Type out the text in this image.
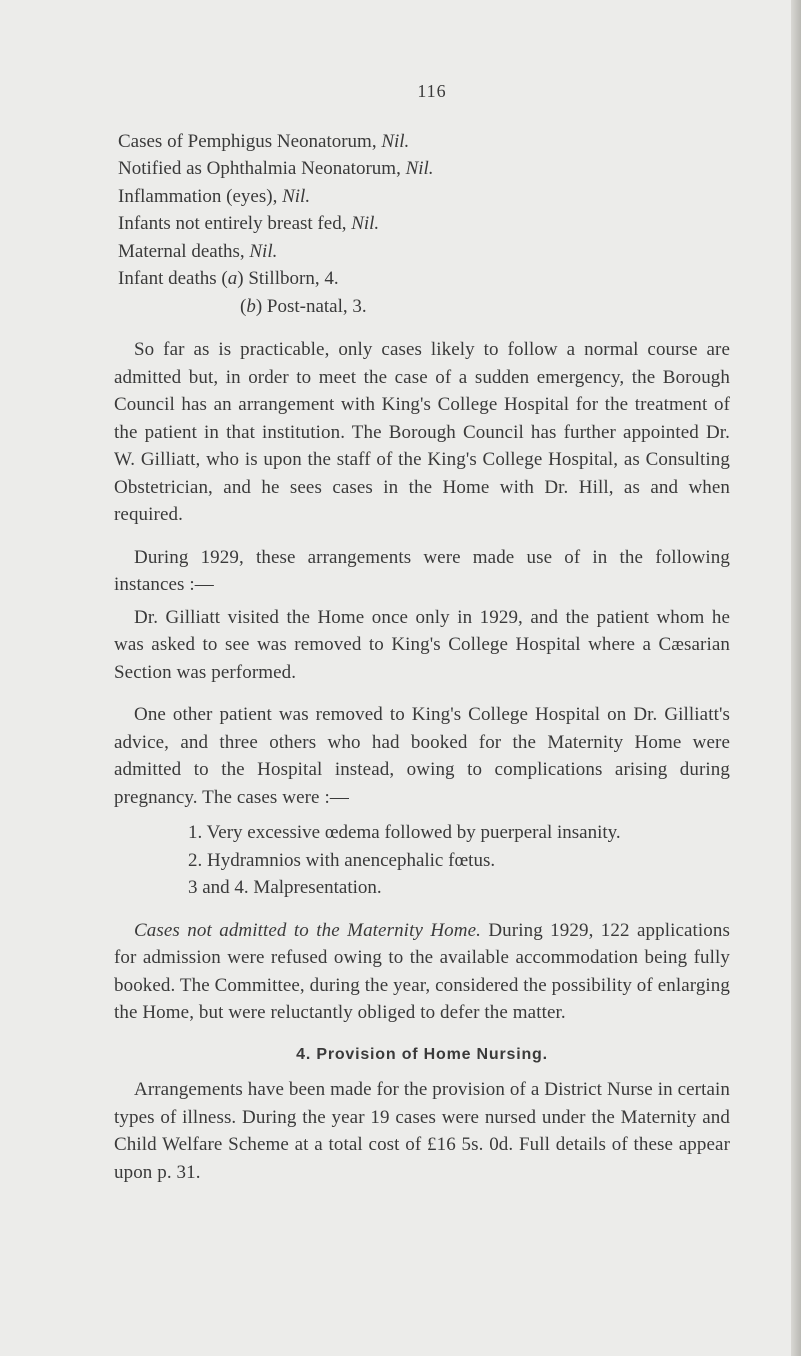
116

Cases of Pemphigus Neonatorum, Nil.

Notified as Ophthalmia Neonatorum, Nil.

Inflammation (eyes), Nil.

Infants not entirely breast fed, Nil.

Maternal deaths, Nil.

Infant deaths (a) Stillborn, 4.

(b) Post-natal, 3.

So far as is practicable, only cases likely to follow a normal course are admitted but, in order to meet the case of a sudden emergency, the Borough Council has an arrangement with King's College Hospital for the treatment of the patient in that institution. The Borough Council has further appointed Dr. W. Gilliatt, who is upon the staff of the King's College Hospital, as Consulting Obstetrician, and he sees cases in the Home with Dr. Hill, as and when required.

During 1929, these arrangements were made use of in the following instances :—

Dr. Gilliatt visited the Home once only in 1929, and the patient whom he was asked to see was removed to King's College Hospital where a Cæsarian Section was performed.

One other patient was removed to King's College Hospital on Dr. Gilliatt's advice, and three others who had booked for the Maternity Home were admitted to the Hospital instead, owing to complications arising during pregnancy. The cases were :—

1. Very excessive œdema followed by puerperal insanity.

2. Hydramnios with anencephalic fœtus.

3 and 4. Malpresentation.

Cases not admitted to the Maternity Home. During 1929, 122 applications for admission were refused owing to the available accommodation being fully booked. The Committee, during the year, considered the possibility of enlarging the Home, but were reluctantly obliged to defer the matter.

4. Provision of Home Nursing.

Arrangements have been made for the provision of a District Nurse in certain types of illness. During the year 19 cases were nursed under the Maternity and Child Welfare Scheme at a total cost of £16 5s. 0d. Full details of these appear upon p. 31.
